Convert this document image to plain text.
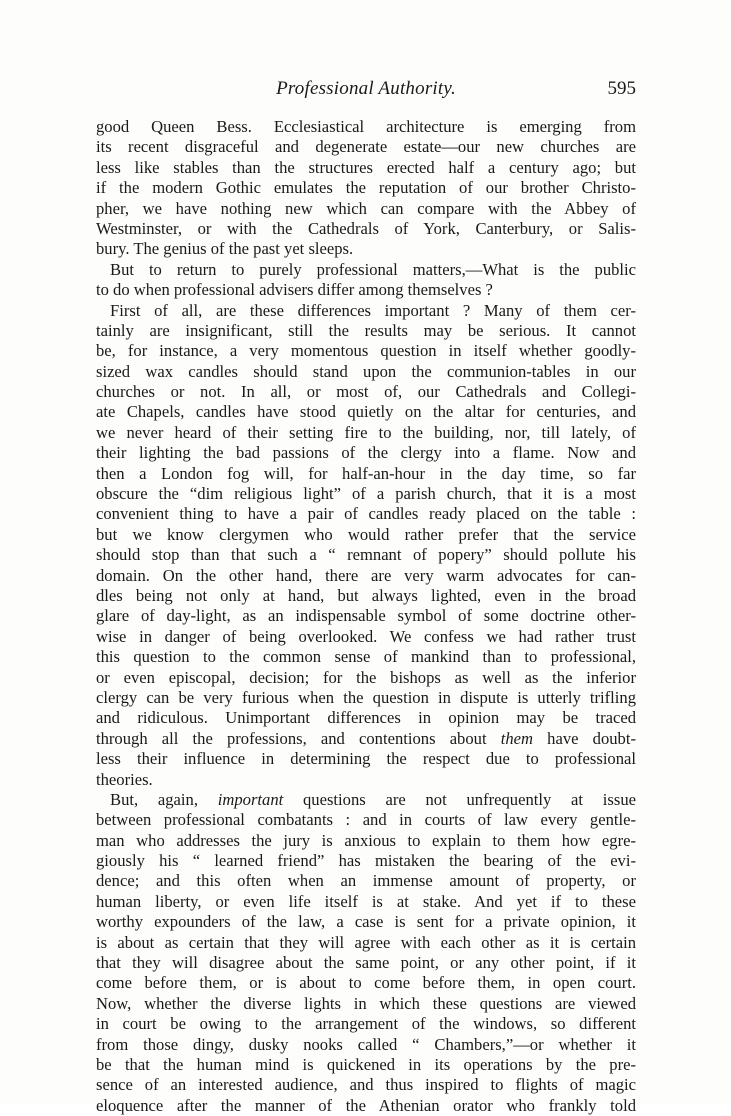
Professional Authority.	595
good Queen Bess. Ecclesiastical architecture is emerging from
its recent disgraceful and degenerate estate—our new churches are
less like stables than the structures erected half a century ago; but
if the modern Gothic emulates the reputation of our brother Christo-
pher, we have nothing new which can compare with the Abbey of
Westminster, or with the Cathedrals of York, Canterbury, or Salis-
bury. The genius of the past yet sleeps.
But to return to purely professional matters,—What is the public
to do when professional advisers differ among themselves ?
First of all, are these differences important ? Many of them cer-
tainly are insignificant, still the results may be serious. It cannot
be, for instance, a very momentous question in itself whether goodly-
sized wax candles should stand upon the communion-tables in our
churches or not. In all, or most of, our Cathedrals and Collegi-
ate Chapels, candles have stood quietly on the altar for centuries, and
we never heard of their setting fire to the building, nor, till lately, of
their lighting the bad passions of the clergy into a flame. Now and
then a London fog will, for half-an-hour in the day time, so far
obscure the “dim religious light” of a parish church, that it is a most
convenient thing to have a pair of candles ready placed on the table :
but we know clergymen who would rather prefer that the service
should stop than that such a “ remnant of popery” should pollute his
domain. On the other hand, there are very warm advocates for can-
dles being not only at hand, but always lighted, even in the broad
glare of day-light, as an indispensable symbol of some doctrine other-
wise in danger of being overlooked. We confess we had rather trust
this question to the common sense of mankind than to professional,
or even episcopal, decision; for the bishops as well as the inferior
clergy can be very furious when the question in dispute is utterly trifling
and ridiculous. Unimportant differences in opinion may be traced
through all the professions, and contentions about them have doubt-
less their influence in determining the respect due to professional
theories.
But, again, important questions are not unfrequently at issue
between professional combatants : and in courts of law every gentle-
man who addresses the jury is anxious to explain to them how egre-
giously his “ learned friend” has mistaken the bearing of the evi-
dence; and this often when an immense amount of property, or
human liberty, or even life itself is at stake. And yet if to these
worthy expounders of the law, a case is sent for a private opinion, it
is about as certain that they will agree with each other as it is certain
that they will disagree about the same point, or any other point, if it
come before them, or is about to come before them, in open court.
Now, whether the diverse lights in which these questions are viewed
in court be owing to the arrangement of the windows, so different
from those dingy, dusky nooks called “ Chambers,”—or whether it
be that the human mind is quickened in its operations by the pre-
sence of an interested audience, and thus inspired to flights of magic
eloquence after the manner of the Athenian orator who frankly told
